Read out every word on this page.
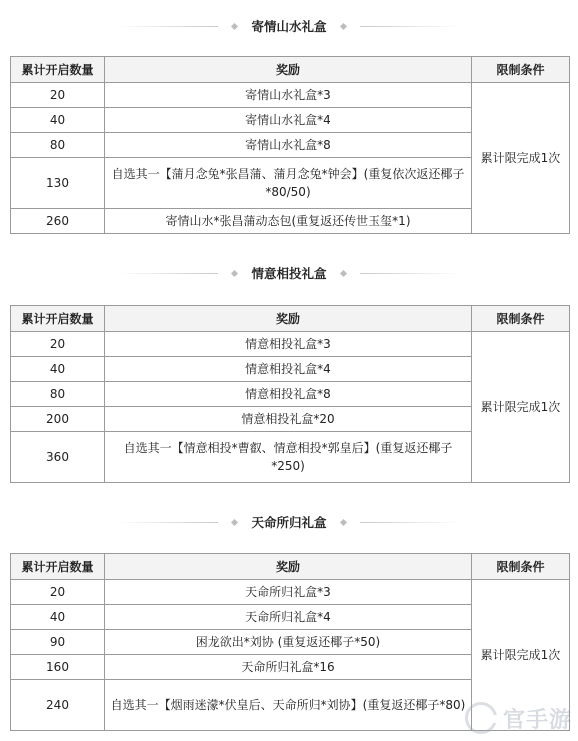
寄情山水礼盒
累计开启数量	奖励	限制条件
20	寄情山水礼盒*3	累计限完成1次
40	寄情山水礼盒*4	
80	寄情山水礼盒*8	
130	自选其一【蒲月念兔*张昌蒲、蒲月念兔*钟会】(重复依次返还椰子*80/50)	
260	寄情山水*张昌蒲动态包(重复返还传世玉玺*1)	
情意相投礼盒
累计开启数量	奖励	限制条件
20	情意相投礼盒*3	累计限完成1次
40	情意相投礼盒*4	
80	情意相投礼盒*8	
200	情意相投礼盒*20	
360	自选其一【情意相投*曹叡、情意相投*郭皇后】(重复返还椰子*250)	
天命所归礼盒
累计开启数量	奖励	限制条件
20	天命所归礼盒*3	累计限完成1次
40	天命所归礼盒*4	
90	困龙欲出*刘协 (重复返还椰子*50)	
160	天命所归礼盒*16	
240	自选其一【烟雨迷濛*伏皇后、天命所归*刘协】(重复返还椰子*80)	
官手游
